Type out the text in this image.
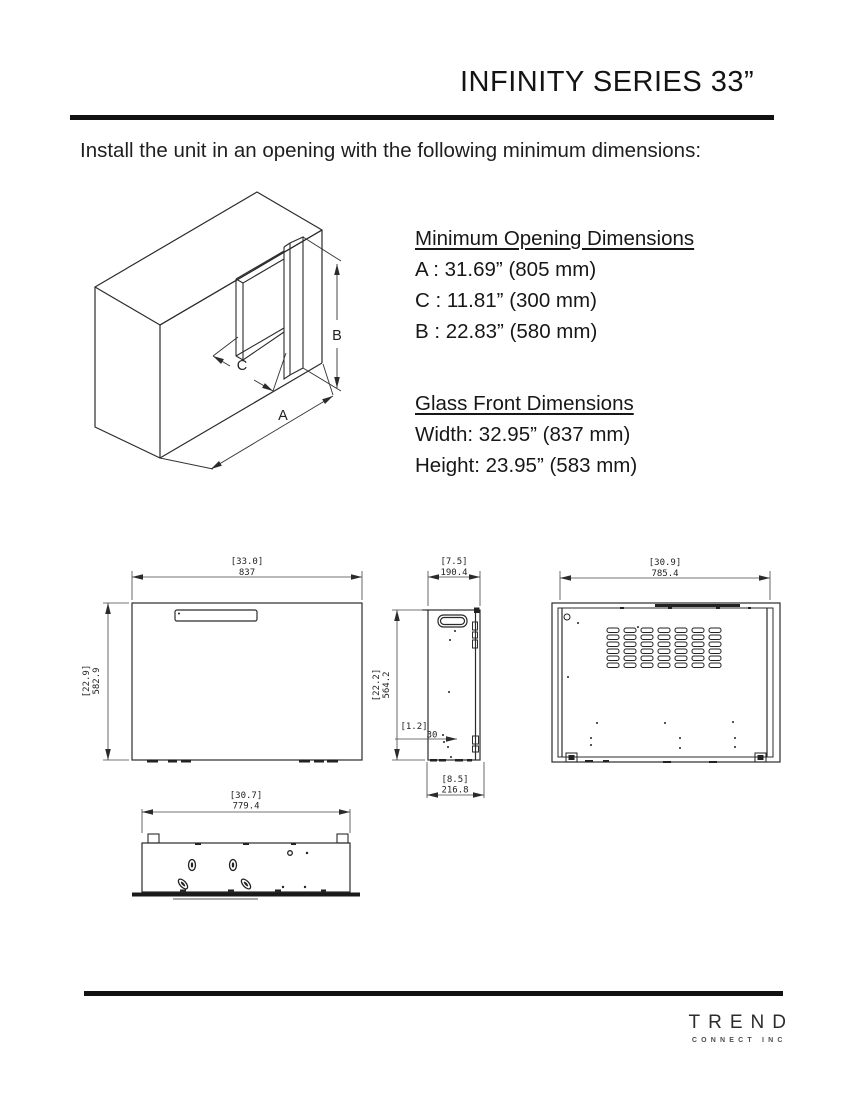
INFINITY SERIES 33”
Install the unit in an opening with the following minimum dimensions:
B
C
A
Minimum Opening Dimensions
A : 31.69” (805 mm)
C : 11.81” (300 mm)
B : 22.83” (580 mm)
Glass Front Dimensions
Width: 32.95” (837 mm)
Height: 23.95” (583 mm)
[33.0]
837
[22.9] 582.9
[7.5]
190.4
[22.2] 564.2
[1.2]
30
[8.5]
216.8
[30.9]
785.4
[30.7]
779.4
TREND
CONNECT INC
